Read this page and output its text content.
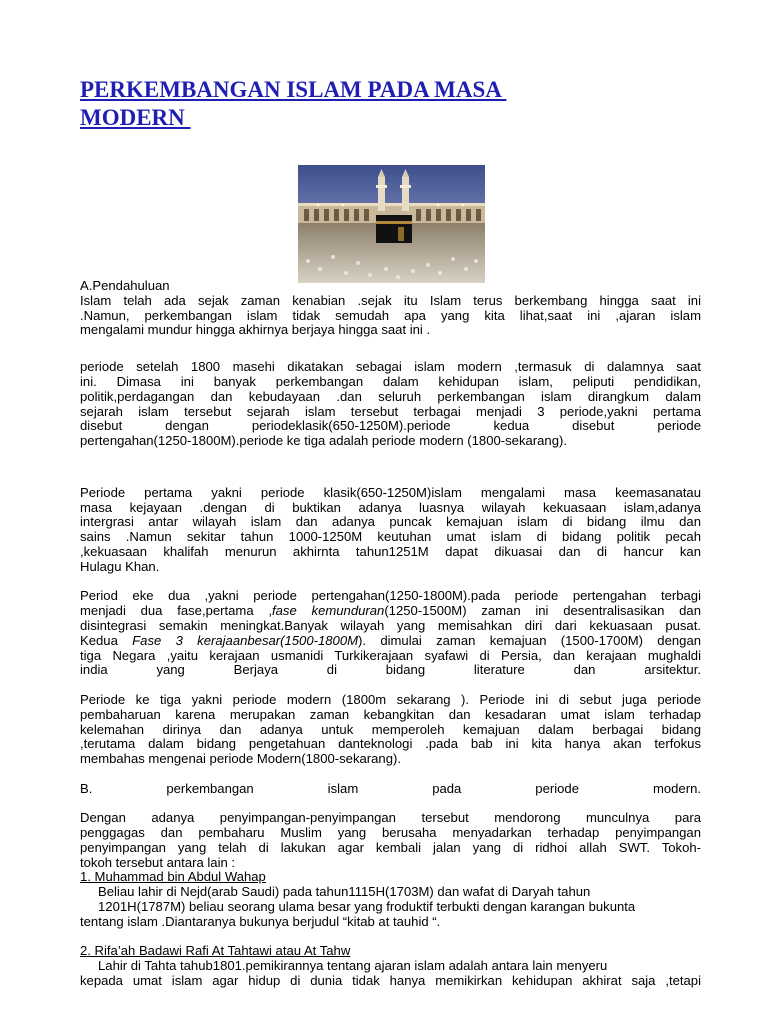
PERKEMBANGAN ISLAM PADA MASA
MODERN
A.Pendahuluan
Islam telah ada sejak zaman kenabian .sejak itu Islam terus berkembang hingga saat ini
.Namun, perkembangan islam tidak semudah apa yang kita lihat,saat ini ,ajaran islam
mengalami mundur hingga akhirnya berjaya hingga saat ini .
periode setelah 1800 masehi dikatakan sebagai islam modern ,termasuk di dalamnya saat
ini. Dimasa ini banyak perkembangan dalam kehidupan islam, peliputi pendidikan,
politik,perdagangan dan kebudayaan .dan seluruh perkembangan islam dirangkum dalam
sejarah islam tersebut sejarah islam tersebut terbagai menjadi 3 periode,yakni pertama
disebut dengan periodeklasik(650-1250M).periode kedua disebut periode
pertengahan(1250-1800M).periode ke tiga adalah periode modern (1800-sekarang).
Periode pertama yakni periode klasik(650-1250M)islam mengalami masa keemasanatau
masa kejayaan .dengan di buktikan adanya luasnya wilayah kekuasaan islam,adanya
intergrasi antar wilayah islam dan adanya puncak kemajuan islam di bidang ilmu dan
sains .Namun sekitar tahun 1000-1250M keutuhan umat islam di bidang politik pecah
,kekuasaan khalifah menurun akhirnta tahun1251M dapat dikuasai dan di hancur kan
Hulagu Khan.
Period eke dua ,yakni periode pertengahan(1250-1800M).pada periode pertengahan terbagi
menjadi dua fase,pertama ,fase kemunduran(1250-1500M) zaman ini desentralisasikan dan
disintegrasi semakin meningkat.Banyak wilayah yang memisahkan diri dari kekuasaan pusat.
Kedua Fase 3 kerajaanbesar(1500-1800M). dimulai zaman kemajuan (1500-1700M) dengan
tiga Negara ,yaitu kerajaan usmanidi Turkikerajaan syafawi di Persia, dan kerajaan mughaldi
india yang Berjaya di bidang literature dan arsitektur.
Periode ke tiga yakni periode modern (1800m sekarang ). Periode ini di sebut juga periode
pembaharuan karena merupakan zaman kebangkitan dan kesadaran umat islam terhadap
kelemahan dirinya dan adanya untuk memperoleh kemajuan dalam berbagai bidang
,terutama dalam bidang pengetahuan danteknologi .pada bab ini kita hanya akan terfokus
membahas mengenai periode Modern(1800-sekarang).
B. perkembangan islam pada periode modern.
Dengan adanya penyimpangan-penyimpangan tersebut mendorong munculnya para
penggagas dan pembaharu Muslim yang berusaha menyadarkan terhadap penyimpangan
penyimpangan yang telah di lakukan agar kembali jalan yang di ridhoi allah SWT. Tokoh-
tokoh tersebut antara lain :
1. Muhammad bin Abdul Wahap
Beliau lahir di Nejd(arab Saudi) pada tahun1115H(1703M) dan wafat di Daryah tahun
1201H(1787M) beliau seorang ulama besar yang froduktif terbukti dengan karangan bukunta
tentang islam .Diantaranya bukunya berjudul “kitab at tauhid “.
2. Rifa’ah Badawi Rafi At Tahtawi atau At Tahw
Lahir di Tahta tahub1801.pemikirannya tentang ajaran islam adalah antara lain menyeru
kepada umat islam agar hidup di dunia tidak hanya memikirkan kehidupan akhirat saja ,tetapi
